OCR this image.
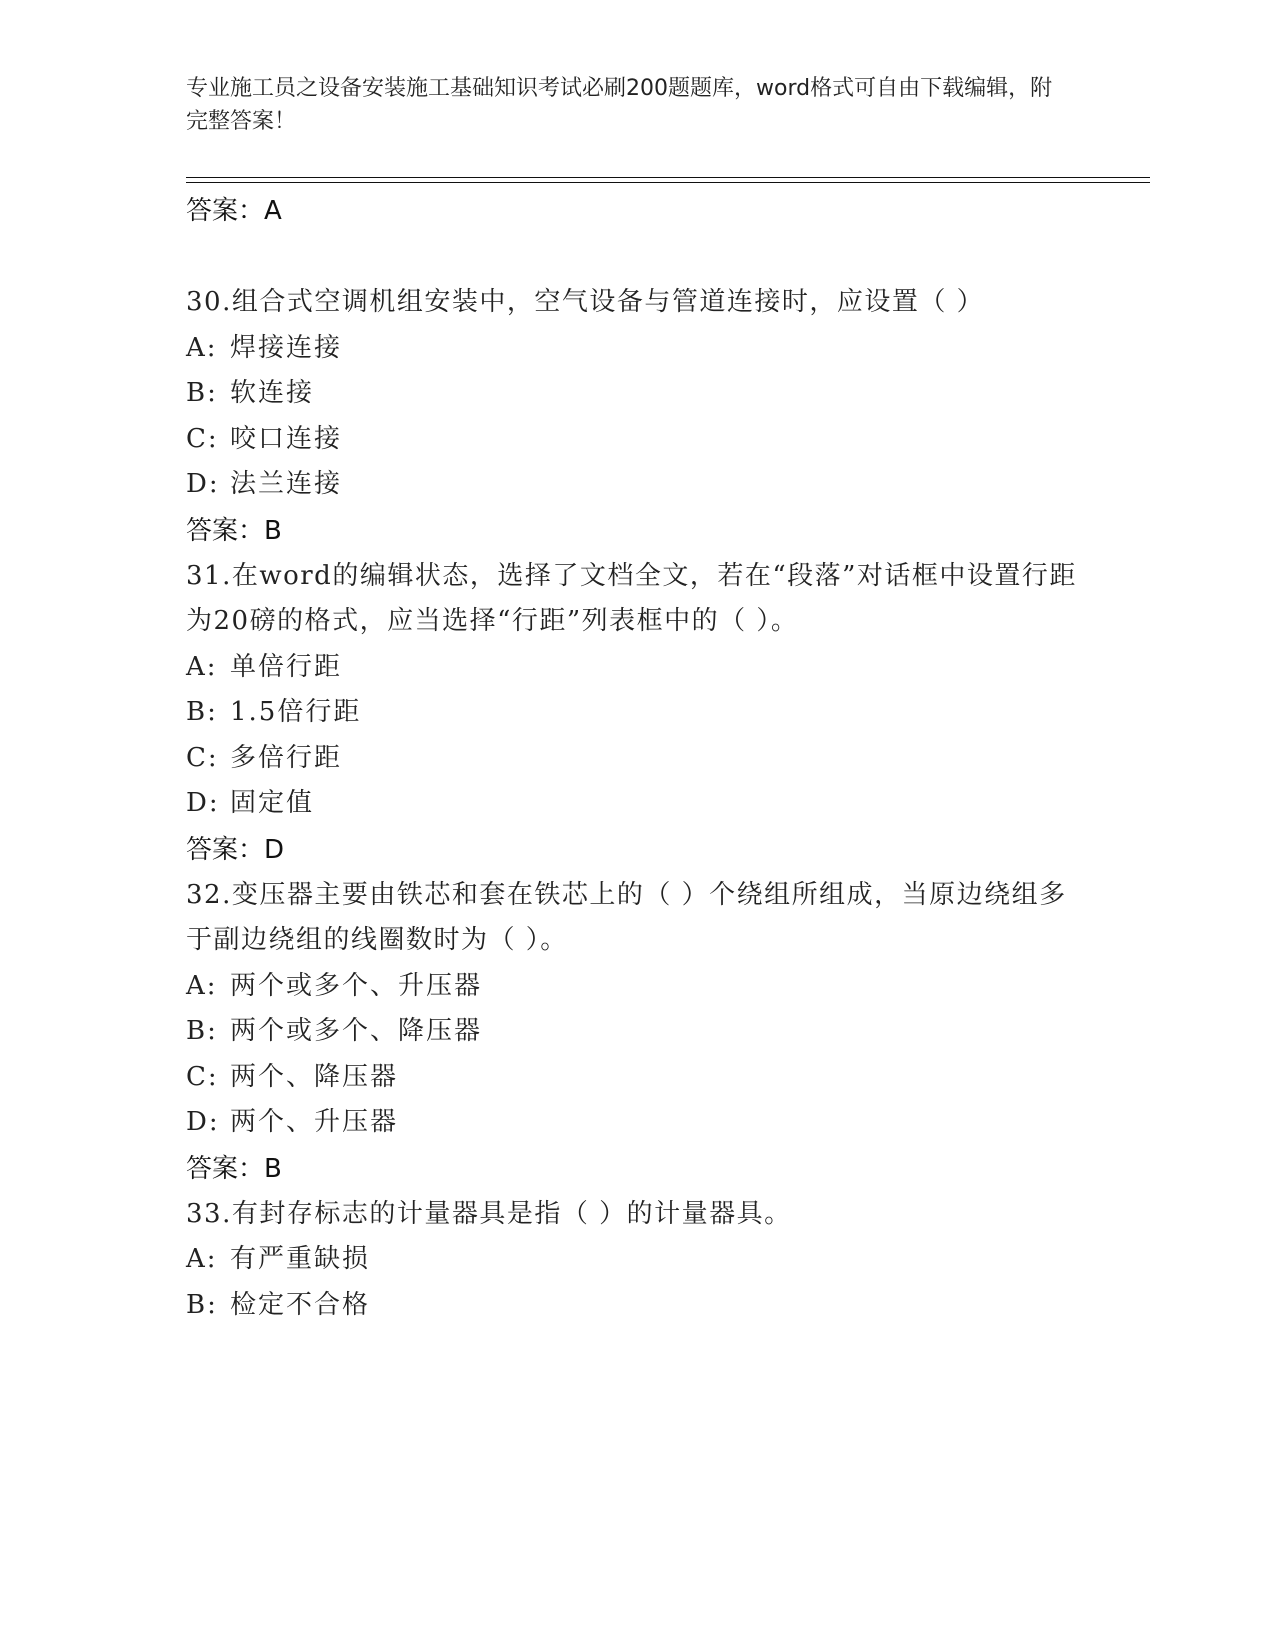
专业施工员之设备安装施工基础知识考试必刷200题题库，word格式可自由下载编辑，附完整答案！
答案：A
30.组合式空调机组安装中，空气设备与管道连接时，应设置（ ）
A: 焊接连接
B: 软连接
C: 咬口连接
D: 法兰连接
答案：B
31.在word的编辑状态，选择了文档全文，若在“段落”对话框中设置行距为20磅的格式，应当选择“行距”列表框中的（ ）。
A: 单倍行距
B: 1.5倍行距
C: 多倍行距
D: 固定值
答案：D
32.变压器主要由铁芯和套在铁芯上的（ ）个绕组所组成，当原边绕组多于副边绕组的线圈数时为（ ）。
A: 两个或多个、升压器
B: 两个或多个、降压器
C: 两个、降压器
D: 两个、升压器
答案：B
33.有封存标志的计量器具是指（ ）的计量器具。
A: 有严重缺损
B: 检定不合格
